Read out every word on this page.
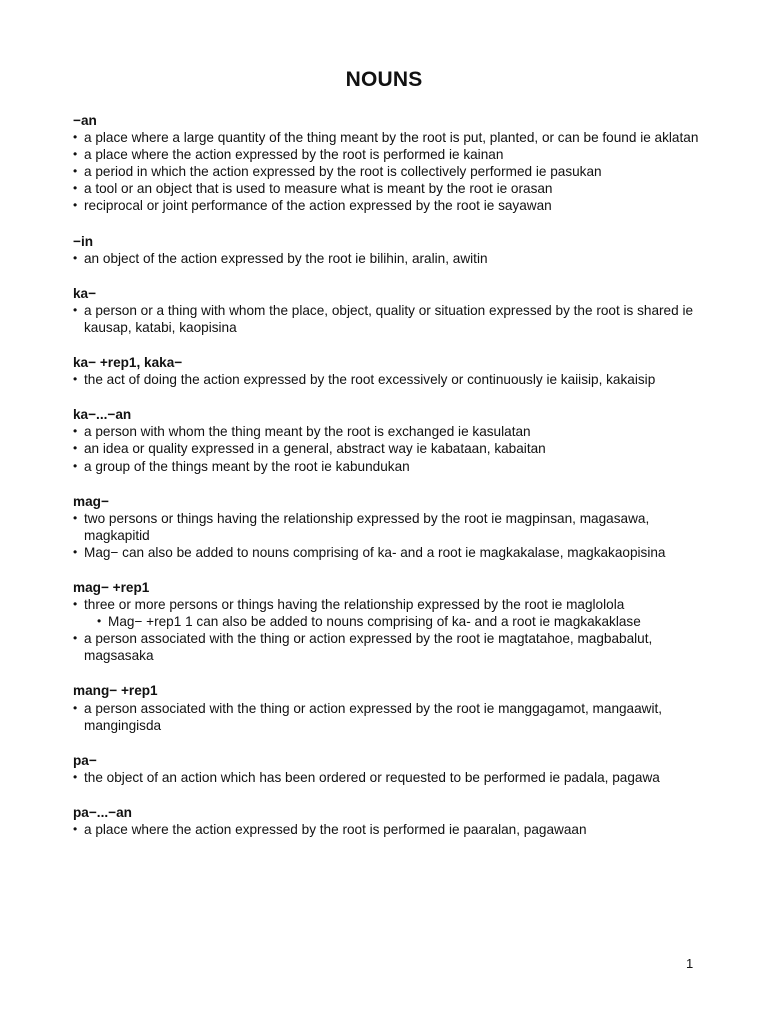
NOUNS
−an
• a place where a large quantity of the thing meant by the root is put, planted, or can be found ie aklatan
• a place where the action expressed by the root is performed ie kainan
• a period in which the action expressed by the root is collectively performed ie pasukan
• a tool or an object that is used to measure what is meant by the root ie orasan
• reciprocal or joint performance of the action expressed by the root ie sayawan
−in
• an object of the action expressed by the root ie bilihin, aralin, awitin
ka−
• a person or a thing with whom the place, object, quality or situation expressed by the root is shared ie kausap, katabi, kaopisina
ka− +rep1, kaka−
• the act of doing the action expressed by the root excessively or continuously ie kaiisip, kakaisip
ka−...−an
• a person with whom the thing meant by the root is exchanged ie kasulatan
• an idea or quality expressed in a general, abstract way ie kabataan, kabaitan
• a group of the things meant by the root ie kabundukan
mag−
• two persons or things having the relationship expressed by the root ie magpinsan, magasawa, magkapitid
• Mag− can also be added to nouns comprising of ka- and a root ie magkakalase, magkakaopisina
mag− +rep1
• three or more persons or things having the relationship expressed by the root ie maglolola
• Mag− +rep1 1 can also be added to nouns comprising of ka- and a root ie magkakaklase
• a person associated with the thing or action expressed by the root ie magtatahoe, magbabalut, magsasaka
mang− +rep1
• a person associated with the thing or action expressed by the root ie manggagamot, mangaawit, mangingisda
pa−
• the object of an action which has been ordered or requested to be performed ie padala, pagawa
pa−...−an
• a place where the action expressed by the root is performed ie paaralan, pagawaan
1
